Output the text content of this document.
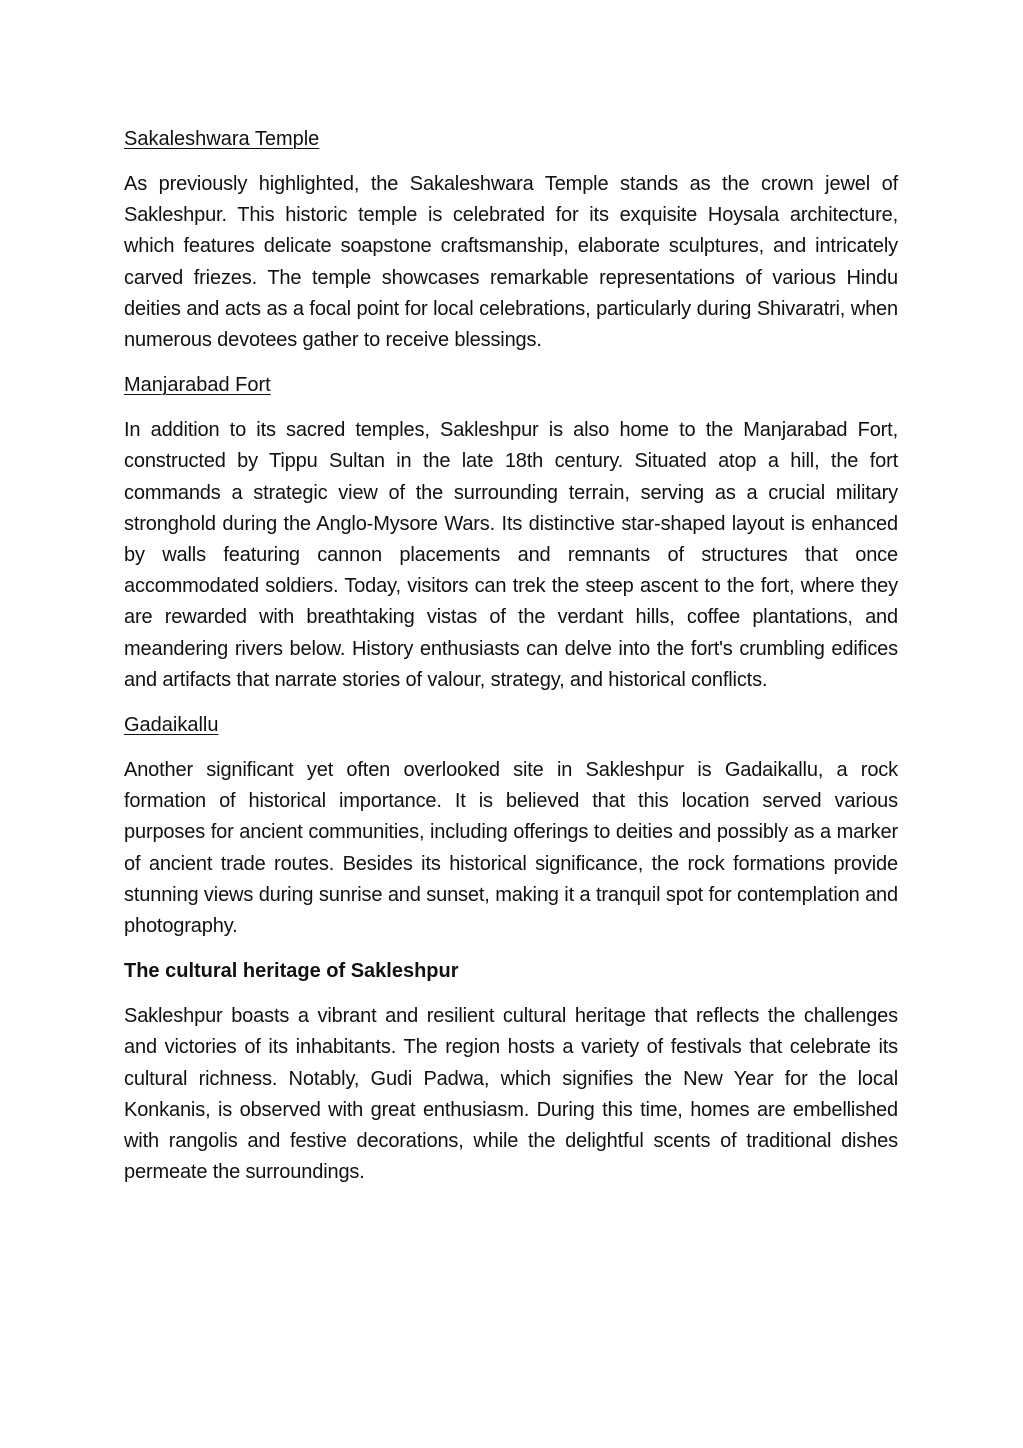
Sakaleshwara Temple

As previously highlighted, the Sakaleshwara Temple stands as the crown jewel of Sakleshpur. This historic temple is celebrated for its exquisite Hoysala architecture, which features delicate soapstone craftsmanship, elaborate sculptures, and intricately carved friezes. The temple showcases remarkable representations of various Hindu deities and acts as a focal point for local celebrations, particularly during Shivaratri, when numerous devotees gather to receive blessings.

Manjarabad Fort

In addition to its sacred temples, Sakleshpur is also home to the Manjarabad Fort, constructed by Tippu Sultan in the late 18th century. Situated atop a hill, the fort commands a strategic view of the surrounding terrain, serving as a crucial military stronghold during the Anglo-Mysore Wars. Its distinctive star-shaped layout is enhanced by walls featuring cannon placements and remnants of structures that once accommodated soldiers. Today, visitors can trek the steep ascent to the fort, where they are rewarded with breathtaking vistas of the verdant hills, coffee plantations, and meandering rivers below. History enthusiasts can delve into the fort's crumbling edifices and artifacts that narrate stories of valour, strategy, and historical conflicts.

Gadaikallu

Another significant yet often overlooked site in Sakleshpur is Gadaikallu, a rock formation of historical importance. It is believed that this location served various purposes for ancient communities, including offerings to deities and possibly as a marker of ancient trade routes. Besides its historical significance, the rock formations provide stunning views during sunrise and sunset, making it a tranquil spot for contemplation and photography.

The cultural heritage of Sakleshpur

Sakleshpur boasts a vibrant and resilient cultural heritage that reflects the challenges and victories of its inhabitants. The region hosts a variety of festivals that celebrate its cultural richness. Notably, Gudi Padwa, which signifies the New Year for the local Konkanis, is observed with great enthusiasm. During this time, homes are embellished with rangolis and festive decorations, while the delightful scents of traditional dishes permeate the surroundings.
